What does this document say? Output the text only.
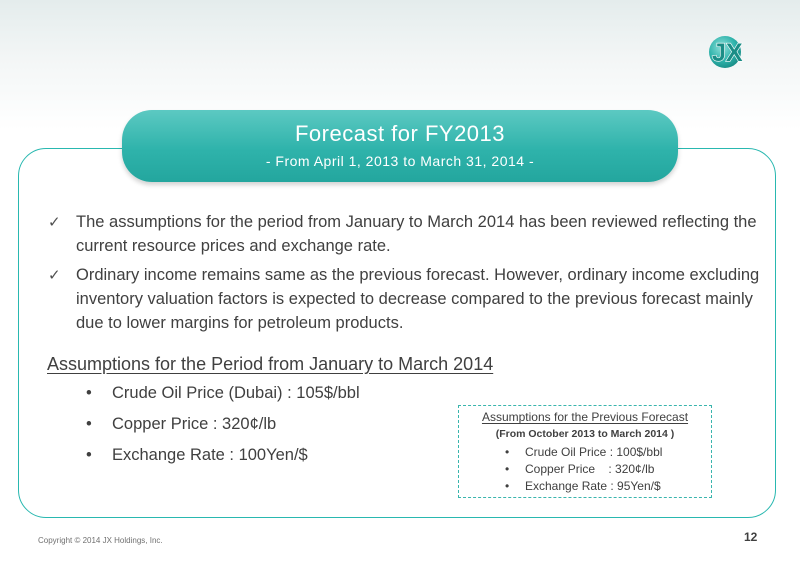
JX
Forecast for FY2013
- From April 1, 2013 to March 31, 2014 -
✓ The assumptions for the period from January to March 2014 has been reviewed reflecting the current resource prices and exchange rate.
✓ Ordinary income remains same as the previous forecast. However, ordinary income excluding inventory valuation factors is expected to decrease compared to the previous forecast mainly due to lower margins for petroleum products.
Assumptions for the Period from January to March 2014
• Crude Oil Price (Dubai) : 105$/bbl
• Copper Price : 320¢/lb
• Exchange Rate : 100Yen/$
Assumptions for the Previous Forecast
(From October 2013 to March 2014 )
• Crude Oil Price : 100$/bbl
• Copper Price    : 320¢/lb
• Exchange Rate : 95Yen/$
Copyright © 2014 JX Holdings, Inc.	12
